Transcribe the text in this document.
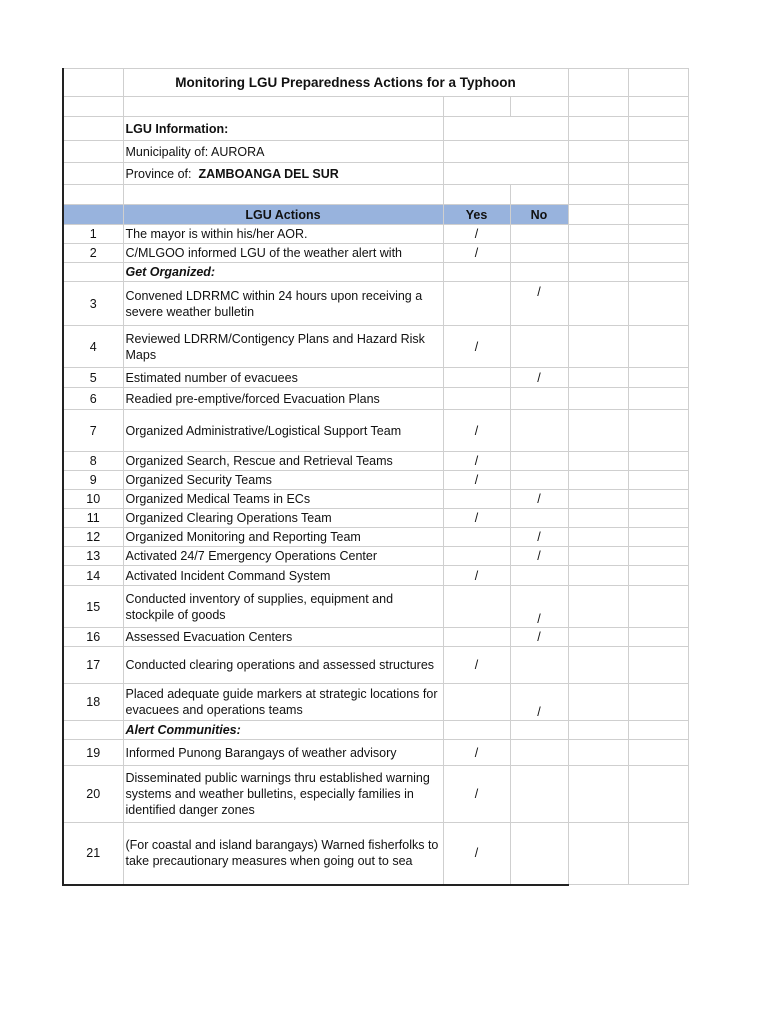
	Monitoring LGU Preparedness Actions for a Typhoon				

	LGU Information:				
	Municipality of: AURORA				
	Province of: ZAMBOANGA DEL SUR				

	LGU Actions	Yes	No		
1	The mayor is within his/her AOR.	/			
2	C/MLGOO informed LGU of the weather alert with	/			
	Get Organized:				
3	Convened LDRRMC within 24 hours upon receiving a severe weather bulletin		/		
4	Reviewed LDRRM/Contigency Plans and Hazard Risk Maps	/			
5	Estimated number of evacuees		/		
6	Readied pre-emptive/forced Evacuation Plans				
7	Organized Administrative/Logistical Support Team	/			
8	Organized Search, Rescue and Retrieval Teams	/			
9	Organized Security Teams	/			
10	Organized Medical Teams in ECs		/		
11	Organized Clearing Operations Team	/			
12	Organized Monitoring and Reporting Team		/		
13	Activated 24/7 Emergency Operations Center		/		
14	Activated Incident Command System	/			
15	Conducted inventory of supplies, equipment and stockpile of goods		/		
16	Assessed Evacuation Centers		/		
17	Conducted clearing operations and assessed structures	/			
18	Placed adequate guide markers at strategic locations for evacuees and operations teams		/		
	Alert Communities:				
19	Informed Punong Barangays of weather advisory	/			
20	Disseminated public warnings thru established warning systems and weather bulletins, especially families in identified danger zones	/			
21	(For coastal and island barangays) Warned fisherfolks to take precautionary measures when going out to sea	/			
